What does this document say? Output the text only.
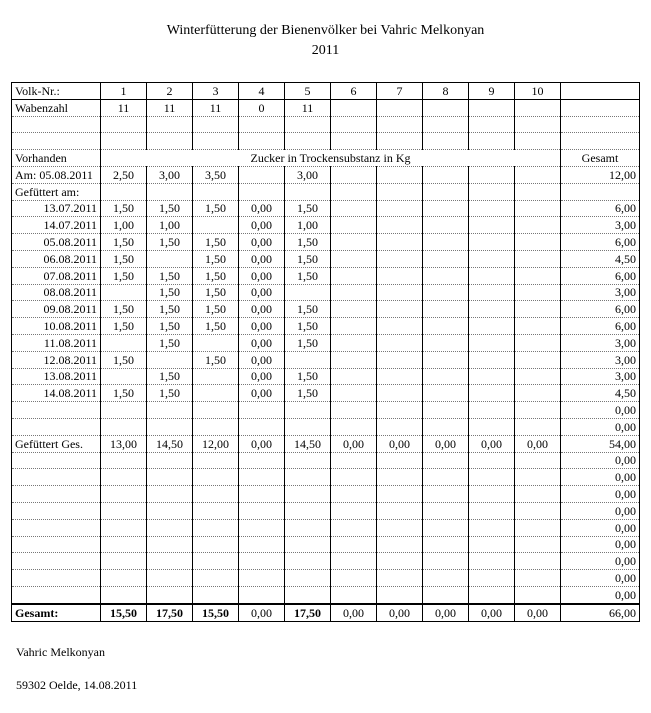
Winterfütterung der Bienenvölker bei Vahric Melkonyan
2011
Volk-Nr.:	1	2	3	4	5	6	7	8	9	10	
Wabenzahl	11	11	11	0	11						

Vorhanden	Zucker in Trockensubstanz in Kg										Gesamt
Am: 05.08.2011	2,50	3,00	3,50		3,00						12,00
Gefüttert am:											
13.07.2011	1,50	1,50	1,50	0,00	1,50						6,00
14.07.2011	1,00	1,00		0,00	1,00						3,00
05.08.2011	1,50	1,50	1,50	0,00	1,50						6,00
06.08.2011	1,50		1,50	0,00	1,50						4,50
07.08.2011	1,50	1,50	1,50	0,00	1,50						6,00
08.08.2011		1,50	1,50	0,00							3,00
09.08.2011	1,50	1,50	1,50	0,00	1,50						6,00
10.08.2011	1,50	1,50	1,50	0,00	1,50						6,00
11.08.2011		1,50		0,00	1,50						3,00
12.08.2011	1,50		1,50	0,00							3,00
13.08.2011		1,50		0,00	1,50						3,00
14.08.2011	1,50	1,50		0,00	1,50						4,50
											0,00
											0,00
Gefüttert Ges.	13,00	14,50	12,00	0,00	14,50	0,00	0,00	0,00	0,00	0,00	54,00
											0,00
											0,00
											0,00
											0,00
											0,00
											0,00
											0,00
											0,00
											0,00
Gesamt:	15,50	17,50	15,50	0,00	17,50	0,00	0,00	0,00	0,00	0,00	66,00
Vahric Melkonyan
59302 Oelde, 14.08.2011
